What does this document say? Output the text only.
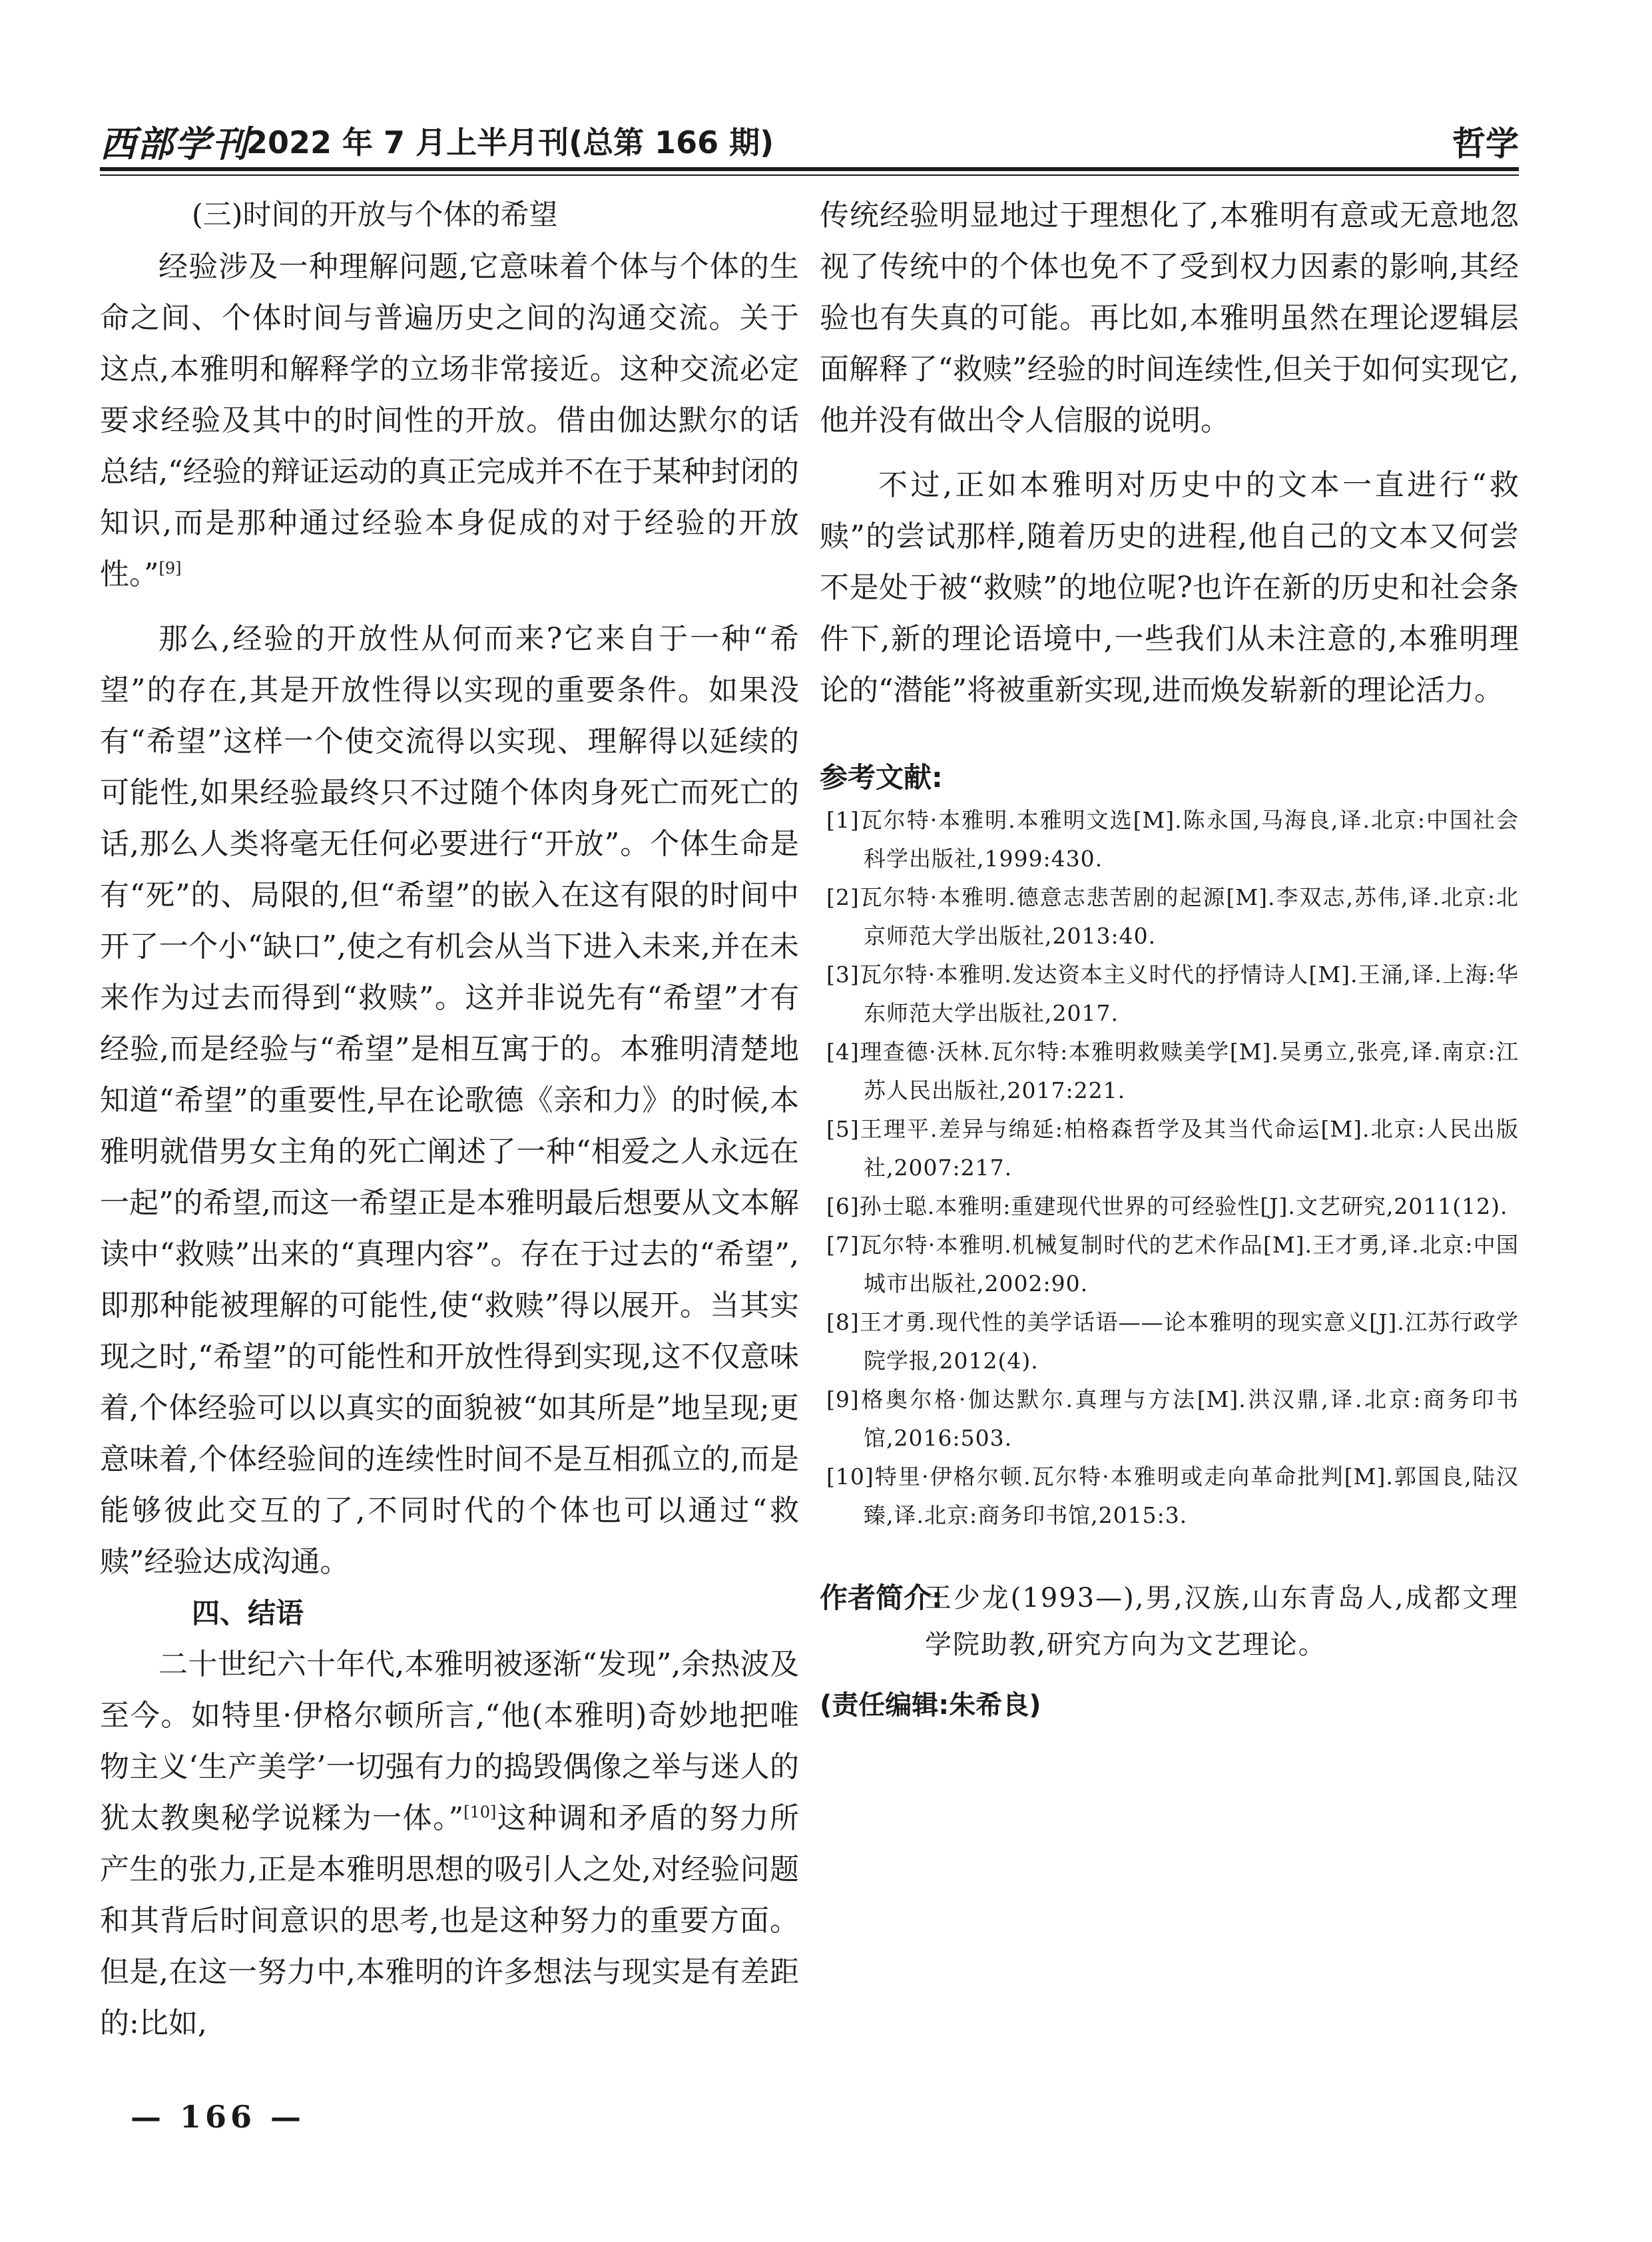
西部学刊
2022 年 7 月上半月刊(总第 166 期)	哲学

(三)时间的开放与个体的希望

经验涉及一种理解问题,它意味着个体与个体的生命之间、个体时间与普遍历史之间的沟通交流。关于这点,本雅明和解释学的立场非常接近。这种交流必定要求经验及其中的时间性的开放。借由伽达默尔的话总结,“经验的辩证运动的真正完成并不在于某种封闭的知识,而是那种通过经验本身促成的对于经验的开放性。”[9]

那么,经验的开放性从何而来?它来自于一种“希望”的存在,其是开放性得以实现的重要条件。如果没有“希望”这样一个使交流得以实现、理解得以延续的可能性,如果经验最终只不过随个体肉身死亡而死亡的话,那么人类将毫无任何必要进行“开放”。个体生命是有“死”的、局限的,但“希望”的嵌入在这有限的时间中开了一个小“缺口”,使之有机会从当下进入未来,并在未来作为过去而得到“救赎”。这并非说先有“希望”才有经验,而是经验与“希望”是相互寓于的。本雅明清楚地知道“希望”的重要性,早在论歌德《亲和力》的时候,本雅明就借男女主角的死亡阐述了一种“相爱之人永远在一起”的希望,而这一希望正是本雅明最后想要从文本解读中“救赎”出来的“真理内容”。存在于过去的“希望”,即那种能被理解的可能性,使“救赎”得以展开。当其实现之时,“希望”的可能性和开放性得到实现,这不仅意味着,个体经验可以以真实的面貌被“如其所是”地呈现;更意味着,个体经验间的连续性时间不是互相孤立的,而是能够彼此交互的了,不同时代的个体也可以通过“救赎”经验达成沟通。

四、结语

二十世纪六十年代,本雅明被逐渐“发现”,余热波及至今。如特里·伊格尔顿所言,“他(本雅明)奇妙地把唯物主义‘生产美学’一切强有力的捣毁偶像之举与迷人的犹太教奥秘学说糅为一体。”[10]这种调和矛盾的努力所产生的张力,正是本雅明思想的吸引人之处,对经验问题和其背后时间意识的思考,也是这种努力的重要方面。但是,在这一努力中,本雅明的许多想法与现实是有差距的:比如,

传统经验明显地过于理想化了,本雅明有意或无意地忽视了传统中的个体也免不了受到权力因素的影响,其经验也有失真的可能。再比如,本雅明虽然在理论逻辑层面解释了“救赎”经验的时间连续性,但关于如何实现它,他并没有做出令人信服的说明。

不过,正如本雅明对历史中的文本一直进行“救赎”的尝试那样,随着历史的进程,他自己的文本又何尝不是处于被“救赎”的地位呢?也许在新的历史和社会条件下,新的理论语境中,一些我们从未注意的,本雅明理论的“潜能”将被重新实现,进而焕发崭新的理论活力。

参考文献:

[1]瓦尔特·本雅明.本雅明文选[M].陈永国,马海良,译.北京:中国社会科学出版社,1999:430.

[2]瓦尔特·本雅明.德意志悲苦剧的起源[M].李双志,苏伟,译.北京:北京师范大学出版社,2013:40.

[3]瓦尔特·本雅明.发达资本主义时代的抒情诗人[M].王涌,译.上海:华东师范大学出版社,2017.

[4]理查德·沃林.瓦尔特:本雅明救赎美学[M].吴勇立,张亮,译.南京:江苏人民出版社,2017:221.

[5]王理平.差异与绵延:柏格森哲学及其当代命运[M].北京:人民出版社,2007:217.

[6]孙士聪.本雅明:重建现代世界的可经验性[J].文艺研究,2011(12).

[7]瓦尔特·本雅明.机械复制时代的艺术作品[M].王才勇,译.北京:中国城市出版社,2002:90.

[8]王才勇.现代性的美学话语——论本雅明的现实意义[J].江苏行政学院学报,2012(4).

[9]格奥尔格·伽达默尔.真理与方法[M].洪汉鼎,译.北京:商务印书馆,2016:503.

[10]特里·伊格尔顿.瓦尔特·本雅明或走向革命批判[M].郭国良,陆汉臻,译.北京:商务印书馆,2015:3.

作者简介:

王少龙(1993—),男,汉族,山东青岛人,成都文理学院助教,研究方向为文艺理论。

(责任编辑:朱希良)

— 166 —
